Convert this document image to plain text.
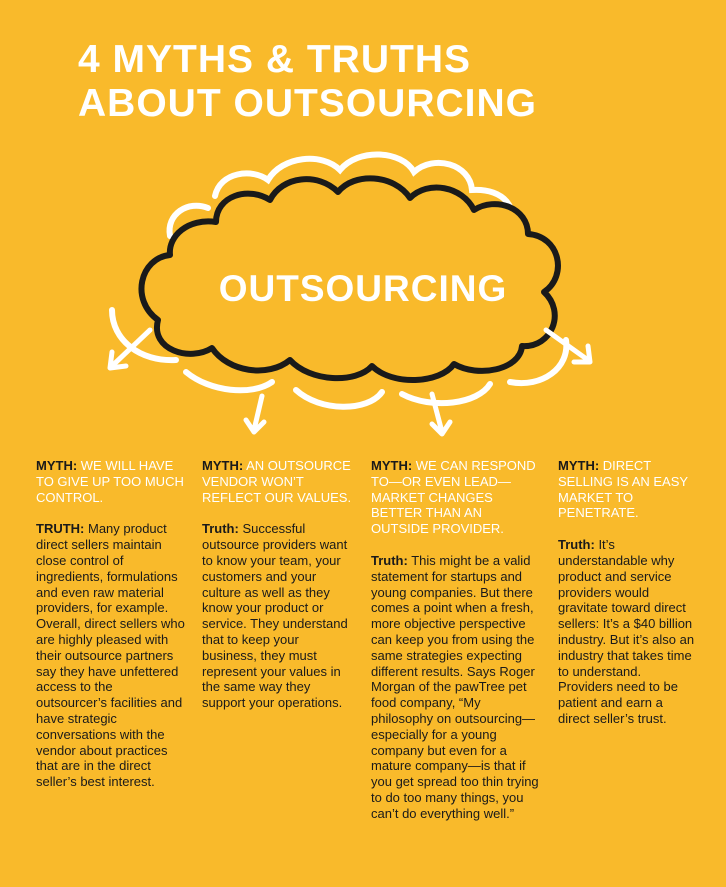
4 MYTHS & TRUTHS
ABOUT OUTSOURCING
OUTSOURCING

MYTH: WE WILL HAVE TO GIVE UP TOO MUCH CONTROL.

TRUTH: Many product direct sellers maintain close control of ingredients, formulations and even raw material providers, for example. Overall, direct sellers who are highly pleased with their outsource partners say they have unfettered access to the outsourcer’s facilities and have strategic conversations with the vendor about practices that are in the direct seller’s best interest.

MYTH: AN OUTSOURCE VENDOR WON’T REFLECT OUR VALUES.

Truth: Successful outsource providers want to know your team, your customers and your culture as well as they know your product or service. They understand that to keep your business, they must represent your values in the same way they support your operations.

MYTH: WE CAN RESPOND TO—OR EVEN LEAD—MARKET CHANGES BETTER THAN AN OUTSIDE PROVIDER.

Truth: This might be a valid statement for startups and young companies. But there comes a point when a fresh, more objective perspective can keep you from using the same strategies expecting different results. Says Roger Morgan of the pawTree pet food company, “My philosophy on outsourcing—especially for a young company but even for a mature company—is that if you get spread too thin trying to do too many things, you can’t do everything well.”

MYTH: DIRECT SELLING IS AN EASY MARKET TO PENETRATE.

Truth: It’s understandable why product and service providers would gravitate toward direct sellers: It’s a $40 billion industry. But it’s also an industry that takes time to understand. Providers need to be patient and earn a direct seller’s trust.
